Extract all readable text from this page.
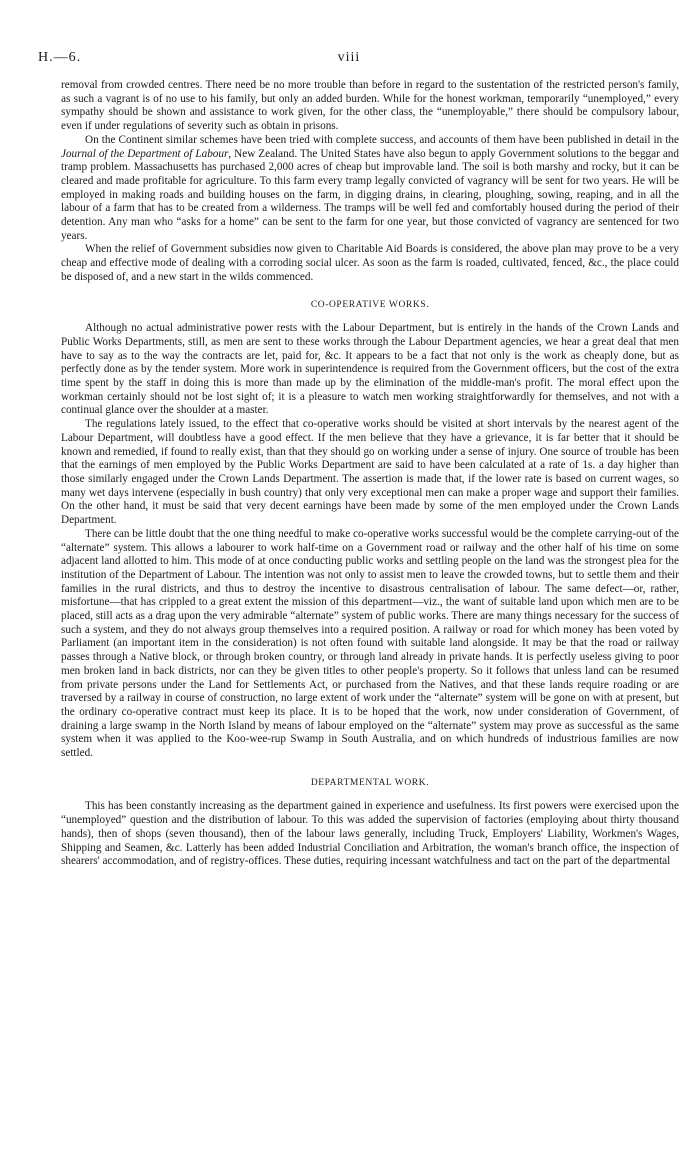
H.—6.	viii

removal from crowded centres. There need be no more trouble than before in regard to the sustentation of the restricted person's family, as such a vagrant is of no use to his family, but only an added burden. While for the honest workman, temporarily “unemployed,” every sympathy should be shown and assistance to work given, for the other class, the “unemployable,” there should be compulsory labour, even if under regulations of severity such as obtain in prisons.

On the Continent similar schemes have been tried with complete success, and accounts of them have been published in detail in the Journal of the Department of Labour, New Zealand. The United States have also begun to apply Government solutions to the beggar and tramp problem. Massachusetts has purchased 2,000 acres of cheap but improvable land. The soil is both marshy and rocky, but it can be cleared and made profitable for agriculture. To this farm every tramp legally convicted of vagrancy will be sent for two years. He will be employed in making roads and building houses on the farm, in digging drains, in clearing, ploughing, sowing, reaping, and in all the labour of a farm that has to be created from a wilderness. The tramps will be well fed and comfortably housed during the period of their detention. Any man who “asks for a home” can be sent to the farm for one year, but those convicted of vagrancy are sentenced for two years.

When the relief of Government subsidies now given to Charitable Aid Boards is considered, the above plan may prove to be a very cheap and effective mode of dealing with a corroding social ulcer. As soon as the farm is roaded, cultivated, fenced, &c., the place could be disposed of, and a new start in the wilds commenced.

CO-OPERATIVE WORKS.

Although no actual administrative power rests with the Labour Department, but is entirely in the hands of the Crown Lands and Public Works Departments, still, as men are sent to these works through the Labour Department agencies, we hear a great deal that men have to say as to the way the contracts are let, paid for, &c. It appears to be a fact that not only is the work as cheaply done, but as perfectly done as by the tender system. More work in superintendence is required from the Government officers, but the cost of the extra time spent by the staff in doing this is more than made up by the elimination of the middle-man's profit. The moral effect upon the workman certainly should not be lost sight of; it is a pleasure to watch men working straightforwardly for themselves, and not with a continual glance over the shoulder at a master.

The regulations lately issued, to the effect that co-operative works should be visited at short intervals by the nearest agent of the Labour Department, will doubtless have a good effect. If the men believe that they have a grievance, it is far better that it should be known and remedied, if found to really exist, than that they should go on working under a sense of injury. One source of trouble has been that the earnings of men employed by the Public Works Department are said to have been calculated at a rate of 1s. a day higher than those similarly engaged under the Crown Lands Department. The assertion is made that, if the lower rate is based on current wages, so many wet days intervene (especially in bush country) that only very exceptional men can make a proper wage and support their families. On the other hand, it must be said that very decent earnings have been made by some of the men employed under the Crown Lands Department.

There can be little doubt that the one thing needful to make co-operative works successful would be the complete carrying-out of the “alternate” system. This allows a labourer to work half-time on a Government road or railway and the other half of his time on some adjacent land allotted to him. This mode of at once conducting public works and settling people on the land was the strongest plea for the institution of the Department of Labour. The intention was not only to assist men to leave the crowded towns, but to settle them and their families in the rural districts, and thus to destroy the incentive to disastrous centralisation of labour. The same defect—or, rather, misfortune—that has crippled to a great extent the mission of this department—viz., the want of suitable land upon which men are to be placed, still acts as a drag upon the very admirable “alternate” system of public works. There are many things necessary for the success of such a system, and they do not always group themselves into a required position. A railway or road for which money has been voted by Parliament (an important item in the consideration) is not often found with suitable land alongside. It may be that the road or railway passes through a Native block, or through broken country, or through land already in private hands. It is perfectly useless giving to poor men broken land in back districts, nor can they be given titles to other people's property. So it follows that unless land can be resumed from private persons under the Land for Settlements Act, or purchased from the Natives, and that these lands require roading or are traversed by a railway in course of construction, no large extent of work under the “alternate” system will be gone on with at present, but the ordinary co-operative contract must keep its place. It is to be hoped that the work, now under consideration of Government, of draining a large swamp in the North Island by means of labour employed on the “alternate” system may prove as successful as the same system when it was applied to the Koo-wee-rup Swamp in South Australia, and on which hundreds of industrious families are now settled.

DEPARTMENTAL WORK.

This has been constantly increasing as the department gained in experience and usefulness. Its first powers were exercised upon the “unemployed” question and the distribution of labour. To this was added the supervision of factories (employing about thirty thousand hands), then of shops (seven thousand), then of the labour laws generally, including Truck, Employers' Liability, Workmen's Wages, Shipping and Seamen, &c. Latterly has been added Industrial Conciliation and Arbitration, the woman's branch office, the inspection of shearers' accommodation, and of registry-offices. These duties, requiring incessant watchfulness and tact on the part of the departmental
